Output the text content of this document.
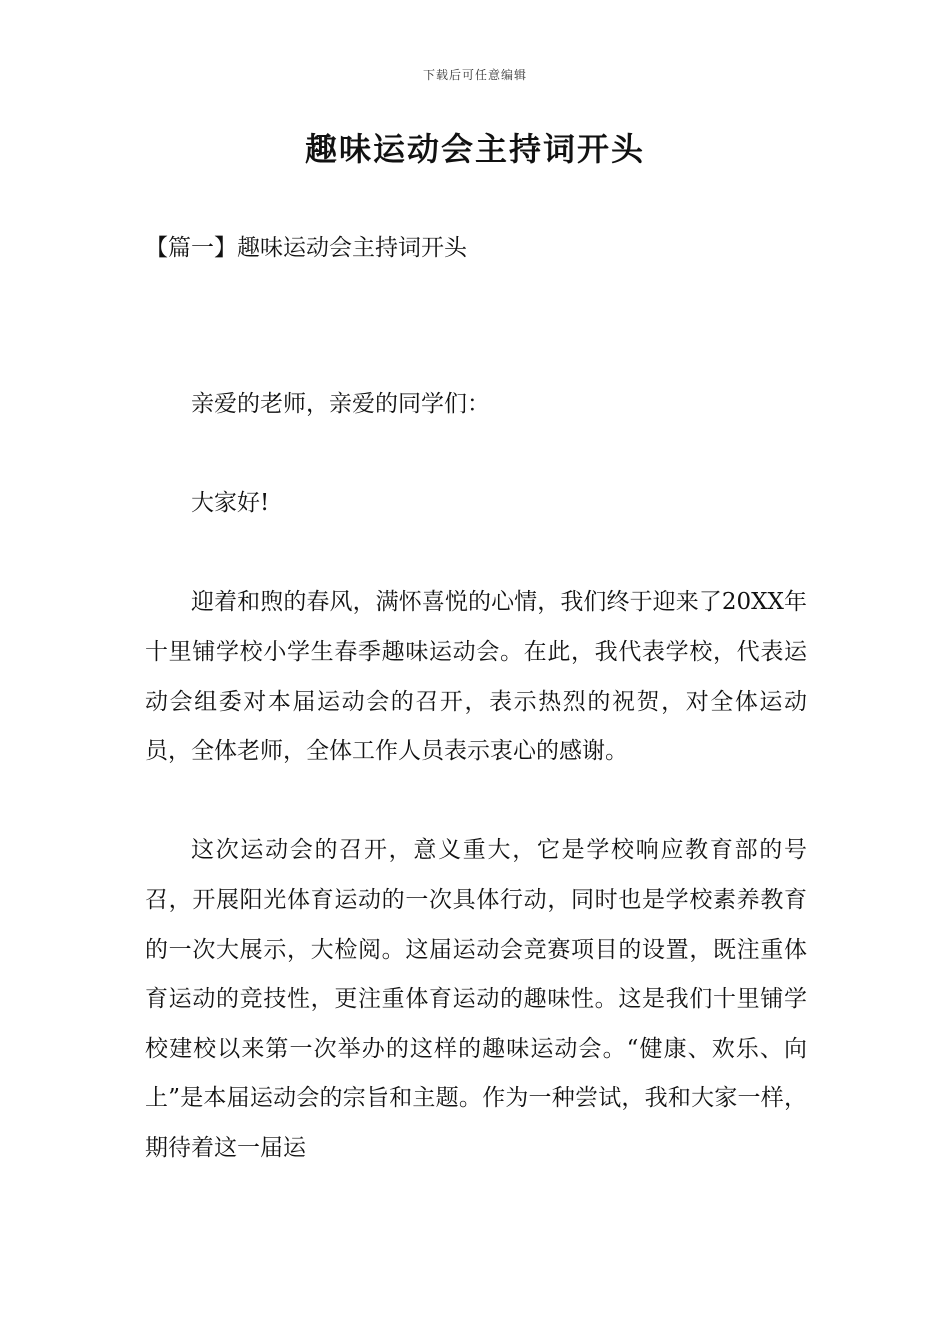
下载后可任意编辑
趣味运动会主持词开头
【篇一】趣味运动会主持词开头

亲爱的老师，亲爱的同学们：

大家好!

迎着和煦的春风，满怀喜悦的心情，我们终于迎来了20XX年十里铺学校小学生春季趣味运动会。在此，我代表学校，代表运动会组委对本届运动会的召开，表示热烈的祝贺，对全体运动员，全体老师，全体工作人员表示衷心的感谢。

这次运动会的召开，意义重大，它是学校响应教育部的号召，开展阳光体育运动的一次具体行动，同时也是学校素养教育的一次大展示，大检阅。这届运动会竞赛项目的设置，既注重体育运动的竞技性，更注重体育运动的趣味性。这是我们十里铺学校建校以来第一次举办的这样的趣味运动会。“健康、欢乐、向上”是本届运动会的宗旨和主题。作为一种尝试，我和大家一样，期待着这一届运
